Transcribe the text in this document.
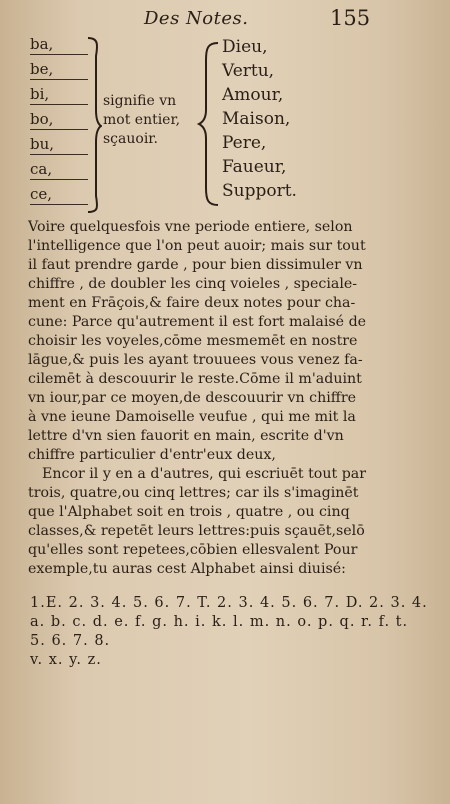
Des Notes.	155
ba,
be,
bi,
bo,
bu,
ca,
ce,
signifie vn
mot entier,
sçauoir.
Dieu,
Vertu,
Amour,
Maison,
Pere,
Faueur,
Support.
Voire quelquesfois vne periode entiere, selon
l'intelligence que l'on peut auoir; mais sur tout
il faut prendre garde , pour bien dissimuler vn
chiffre , de doubler les cinq voieles , speciale-
ment en Frāçois,& faire deux notes pour cha-
cune: Parce qu'autrement il est fort malaisé de
choisir les voyeles,cōme mesmemēt en nostre
lāgue,& puis les ayant trouuees vous venez fa-
cilemēt à descouurir le reste.Cōme il m'aduint
vn iour,par ce moyen,de descouurir vn chiffre
à vne ieune Damoiselle veufue , qui me mit la
lettre d'vn sien fauorit en main, escrite d'vn
chiffre particulier d'entr'eux deux,
Encor il y en a d'autres, qui escriuēt tout par
trois, quatre,ou cinq lettres; car ils s'imaginēt
que l'Alphabet soit en trois , quatre , ou cinq
classes,& repetēt leurs lettres:puis sçauēt,selō
qu'elles sont repetees,cōbien ellesvalent Pour
exemple,tu auras cest Alphabet ainsi diuisé:
1.E. 2. 3. 4. 5. 6. 7. T. 2. 3. 4. 5. 6. 7. D. 2. 3. 4.
a. b. c. d. e. f. g. h. i. k. l. m. n. o. p. q. r. f. t.
5. 6. 7. 8.
v. x. y. z.
